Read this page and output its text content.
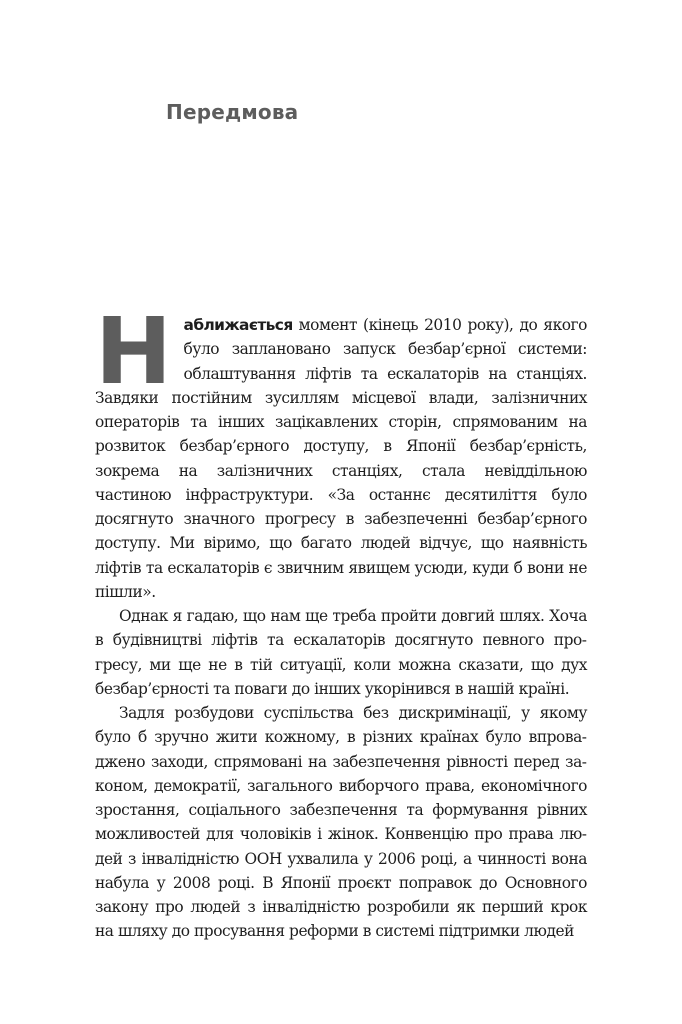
Передмова

Наближається момент (кінець 2010 року), до якого було заплановано запуск безбар’єрної системи: облаштування ліфтів та ескалаторів на станціях. Завдяки постійним зусиллям місцевої влади, залізничних операторів та інших зацікавлених сторін, спрямованим на розвиток безбар’єрного доступу, в Японії безбар’єрність, зокрема на залізничних станціях, стала невіддільною частиною інфраструктури. «За останнє десятиліття було досягнуто значного прогресу в забезпеченні безбар’єрного доступу. Ми віримо, що багато людей відчує, що наявність ліфтів та ескалаторів є звичним явищем усюди, куди б вони не пішли».

Однак я гадаю, що нам ще треба пройти довгий шлях. Хоча в будівництві ліфтів та ескалаторів досягнуто певного прогресу, ми ще не в тій ситуації, коли можна сказати, що дух безбар’єрності та поваги до інших укорінився в нашій країні.

Задля розбудови суспільства без дискримінації, у якому було б зручно жити кожному, в різних країнах було впроваджено заходи, спрямовані на забезпечення рівності перед законом, демократії, загального виборчого права, економічного зростання, соціального забезпечення та формування рівних можливостей для чоловіків і жінок. Конвенцію про права людей з інвалідністю ООН ухвалила у 2006 році, а чинності вона набула у 2008 році. В Японії проєкт поправок до Основного закону про людей з інвалідністю розробили як перший крок на шляху до просування реформи в системі підтримки людей
